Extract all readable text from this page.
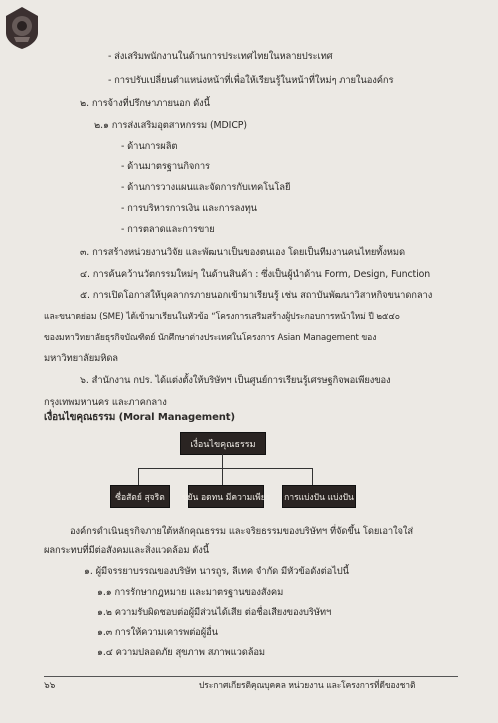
- ส่งเสริมพนักงานในด้านการประเทศไทยในหลายประเทศ
- การปรับเปลี่ยนตำแหน่งหน้าที่เพื่อให้เรียนรู้ในหน้าที่ใหม่ๆ ภายในองค์กร
๒. การจ้างที่ปรึกษาภายนอก ดังนี้
๒.๑ การส่งเสริมอุตสาหกรรม (MDICP)
- ด้านการผลิต
- ด้านมาตรฐานกิจการ
- ด้านการวางแผนและจัดการกับเทคโนโลยี
- การบริหารการเงิน และการลงทุน
- การตลาดและการขาย
๓. การสร้างหน่วยงานวิจัย และพัฒนาเป็นของตนเอง โดยเป็นทีมงานคนไทยทั้งหมด
๔. การค้นคว้านวัตกรรมใหม่ๆ ในด้านสินค้า : ซึ่งเป็นผู้นำด้าน Form, Design, Function
๕. การเปิดโอกาสให้บุคลากรภายนอกเข้ามาเรียนรู้ เช่น สถาบันพัฒนาวิสาหกิจขนาดกลาง
และขนาดย่อม (SME) ได้เข้ามาเรียนในหัวข้อ “โครงการเสริมสร้างผู้ประกอบการหน้าใหม่ ปี ๒๕๔๐
ของมหาวิทยาลัยธุรกิจบัณฑิตย์ นักศึกษาต่างประเทศในโครงการ Asian Management ของ
มหาวิทยาลัยมหิดล
๖. สำนักงาน กปร. ได้แต่งตั้งให้บริษัทฯ เป็นศูนย์การเรียนรู้เศรษฐกิจพอเพียงของ
กรุงเทพมหานคร และภาคกลาง
เงื่อนไขคุณธรรม (Moral Management)
เงื่อนไขคุณธรรม
ซื่อสัตย์ สุจริต	ขยัน อดทน มีความเพียร การแบ่งปัน แบ่งปัน
องค์กรดำเนินธุรกิจภายใต้หลักคุณธรรม และจริยธรรมของบริษัทฯ ที่จัดขึ้น โดยเอาใจใส่
ผลกระทบที่มีต่อสังคมและสิ่งแวดล้อม ดังนี้
๑. ผู้มีจรรยาบรรณของบริษัท นารถูร, ลีเทค จำกัด มีหัวข้อดังต่อไปนี้
๑.๑ การรักษากฎหมาย และมาตรฐานของสังคม
๑.๒ ความรับผิดชอบต่อผู้มีส่วนได้เสีย ต่อชื่อเสียงของบริษัทฯ
๑.๓ การให้ความเคารพต่อผู้อื่น
๑.๔ ความปลอดภัย สุขภาพ สภาพแวดล้อม
๖๖	ประกาศเกียรติคุณบุคคล หน่วยงาน และโครงการที่ดีของชาติ
